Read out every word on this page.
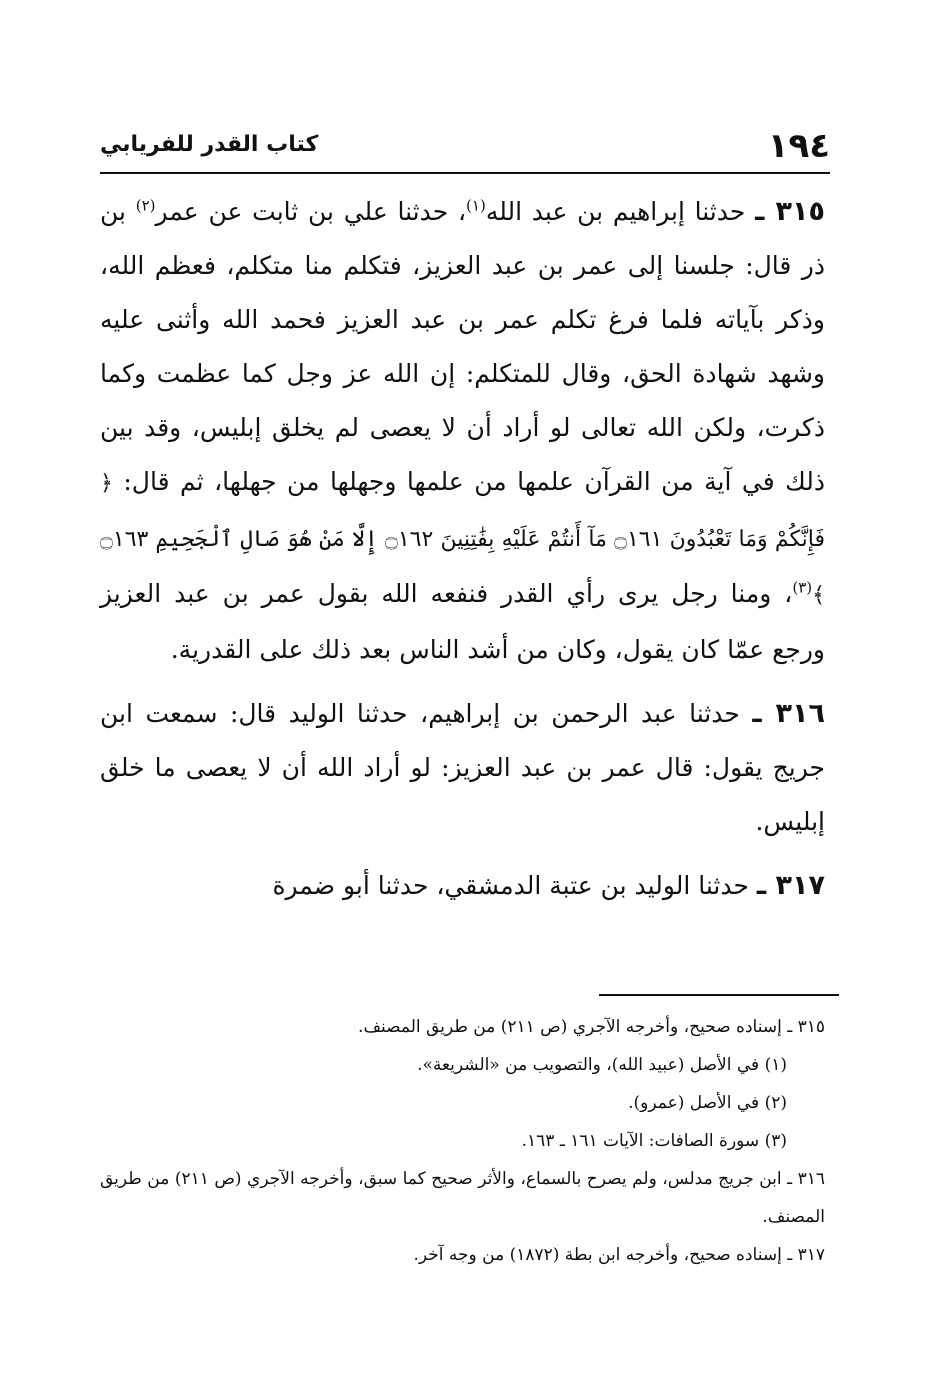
١٩٤
كتاب القدر للفريابي

٣١٥ ـ حدثنا إبراهيم بن عبد الله$^{(١)}$، حدثنا علي بن ثابت عن عمر$^{(٢)}$ بن ذر قال: جلسنا إلى عمر بن عبد العزيز، فتكلم منا متكلم، فعظم الله، وذكر بآياته فلما فرغ تكلم عمر بن عبد العزيز فحمد الله وأثنى عليه وشهد شهادة الحق، وقال للمتكلم: إن الله عز وجل كما عظمت وكما ذكرت، ولكن الله تعالى لو أراد أن لا يعصى لم يخلق إبليس، وقد بين ذلك في آية من القرآن علمها من علمها وجهلها من جهلها، ثم قال: ﴿ فَإِنَّكُمْ وَمَا تَعْبُدُونَ ۝١٦١ مَآ أَنتُمْ عَلَيْهِ بِفَٰتِنِينَ ۝١٦٢ إِلَّا مَنْ هُوَ صَالِ ٱلْجَحِيمِ ۝١٦٣ ﴾$^{(٣)}$، ومنا رجل يرى رأي القدر فنفعه الله بقول عمر بن عبد العزيز ورجع عمّا كان يقول، وكان من أشد الناس بعد ذلك على القدرية.

٣١٦ ـ حدثنا عبد الرحمن بن إبراهيم، حدثنا الوليد قال: سمعت ابن جريج يقول: قال عمر بن عبد العزيز: لو أراد الله أن لا يعصى ما خلق إبليس.

٣١٧ ـ حدثنا الوليد بن عتبة الدمشقي، حدثنا أبو ضمرة

٣١٥ ـ إسناده صحيح، وأخرجه الآجري (ص ٢١١) من طريق المصنف.

(١) في الأصل (عبيد الله)، والتصويب من «الشريعة».

(٢) في الأصل (عمرو).

(٣) سورة الصافات: الآيات ١٦١ ـ ١٦٣.

٣١٦ ـ ابن جريج مدلس، ولم يصرح بالسماع، والأثر صحيح كما سبق، وأخرجه الآجري (ص ٢١١) من طريق المصنف.

٣١٧ ـ إسناده صحيح، وأخرجه ابن بطة (١٨٧٢) من وجه آخر.
